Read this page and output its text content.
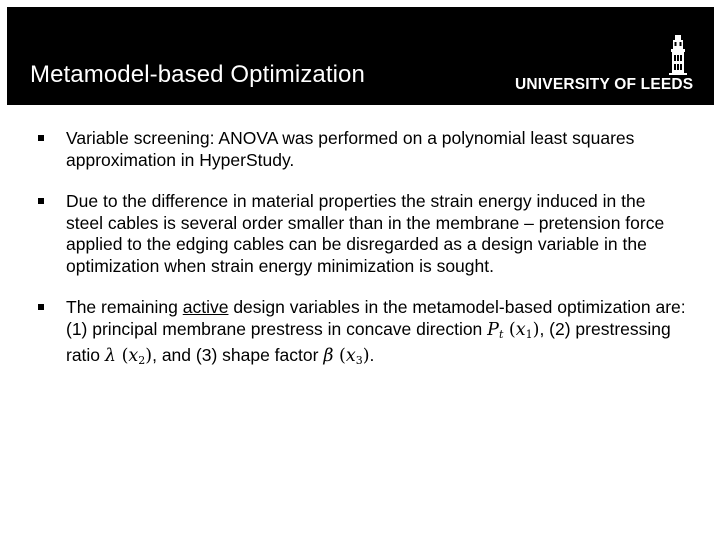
Metamodel-based Optimization	UNIVERSITY OF LEEDS
Variable screening: ANOVA was performed on a polynomial least squares approximation in HyperStudy.
Due to the difference in material properties the strain energy induced in the steel cables is several order smaller than in the membrane – pretension force applied to the edging cables can be disregarded as a design variable in the optimization when strain energy minimization is sought.
The remaining active design variables in the metamodel-based optimization are: (1) principal membrane prestress in concave direction $P_t$ $(x_1)$, (2) prestressing ratio λ $(x_2)$, and (3) shape factor β $(x_3)$.
